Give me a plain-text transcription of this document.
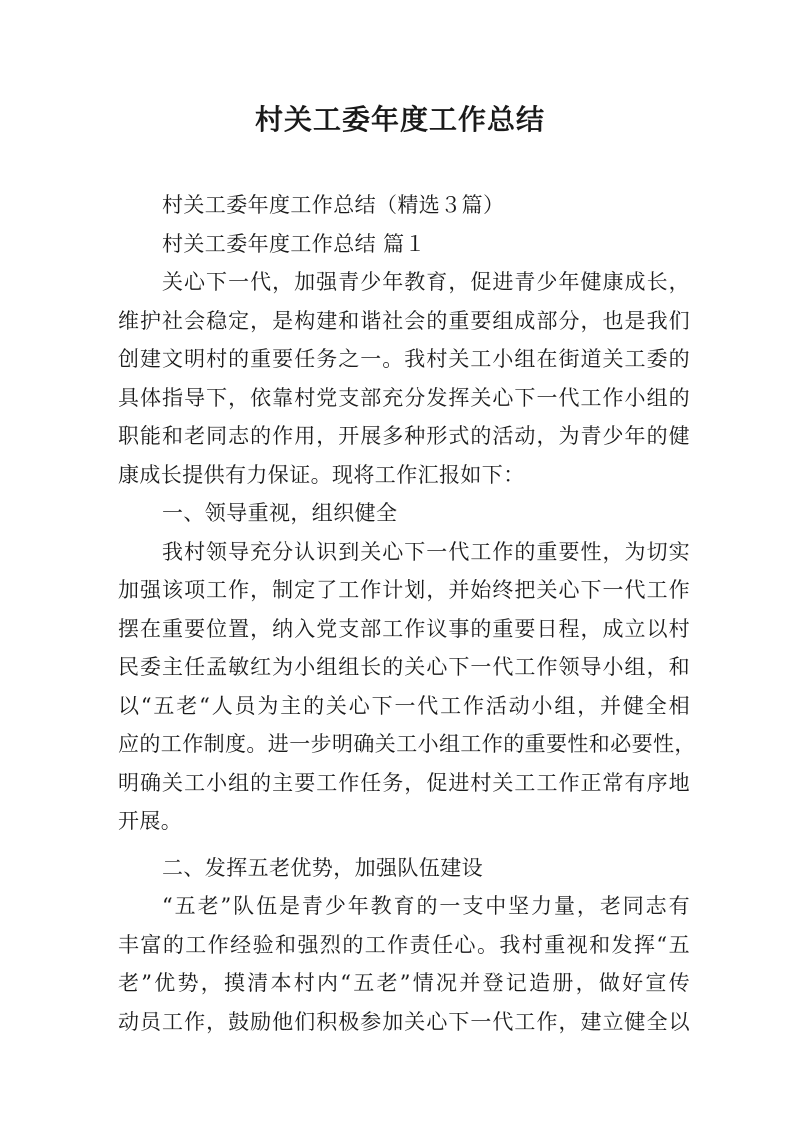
村关工委年度工作总结
村关工委年度工作总结（精选３篇）
村关工委年度工作总结 篇１
关心下一代，加强青少年教育，促进青少年健康成长，
维护社会稳定，是构建和谐社会的重要组成部分，也是我们
创建文明村的重要任务之一。我村关工小组在街道关工委的
具体指导下，依靠村党支部充分发挥关心下一代工作小组的
职能和老同志的作用，开展多种形式的活动，为青少年的健
康成长提供有力保证。现将工作汇报如下：
一、领导重视，组织健全
我村领导充分认识到关心下一代工作的重要性，为切实
加强该项工作，制定了工作计划，并始终把关心下一代工作
摆在重要位置，纳入党支部工作议事的重要日程，成立以村
民委主任孟敏红为小组组长的关心下一代工作领导小组，和
以“五老“人员为主的关心下一代工作活动小组，并健全相
应的工作制度。进一步明确关工小组工作的重要性和必要性，
明确关工小组的主要工作任务，促进村关工工作正常有序地
开展。
二、发挥五老优势，加强队伍建设
“五老”队伍是青少年教育的一支中坚力量，老同志有
丰富的工作经验和强烈的工作责任心。我村重视和发挥“五
老”优势，摸清本村内“五老”情况并登记造册，做好宣传
动员工作，鼓励他们积极参加关心下一代工作，建立健全以
